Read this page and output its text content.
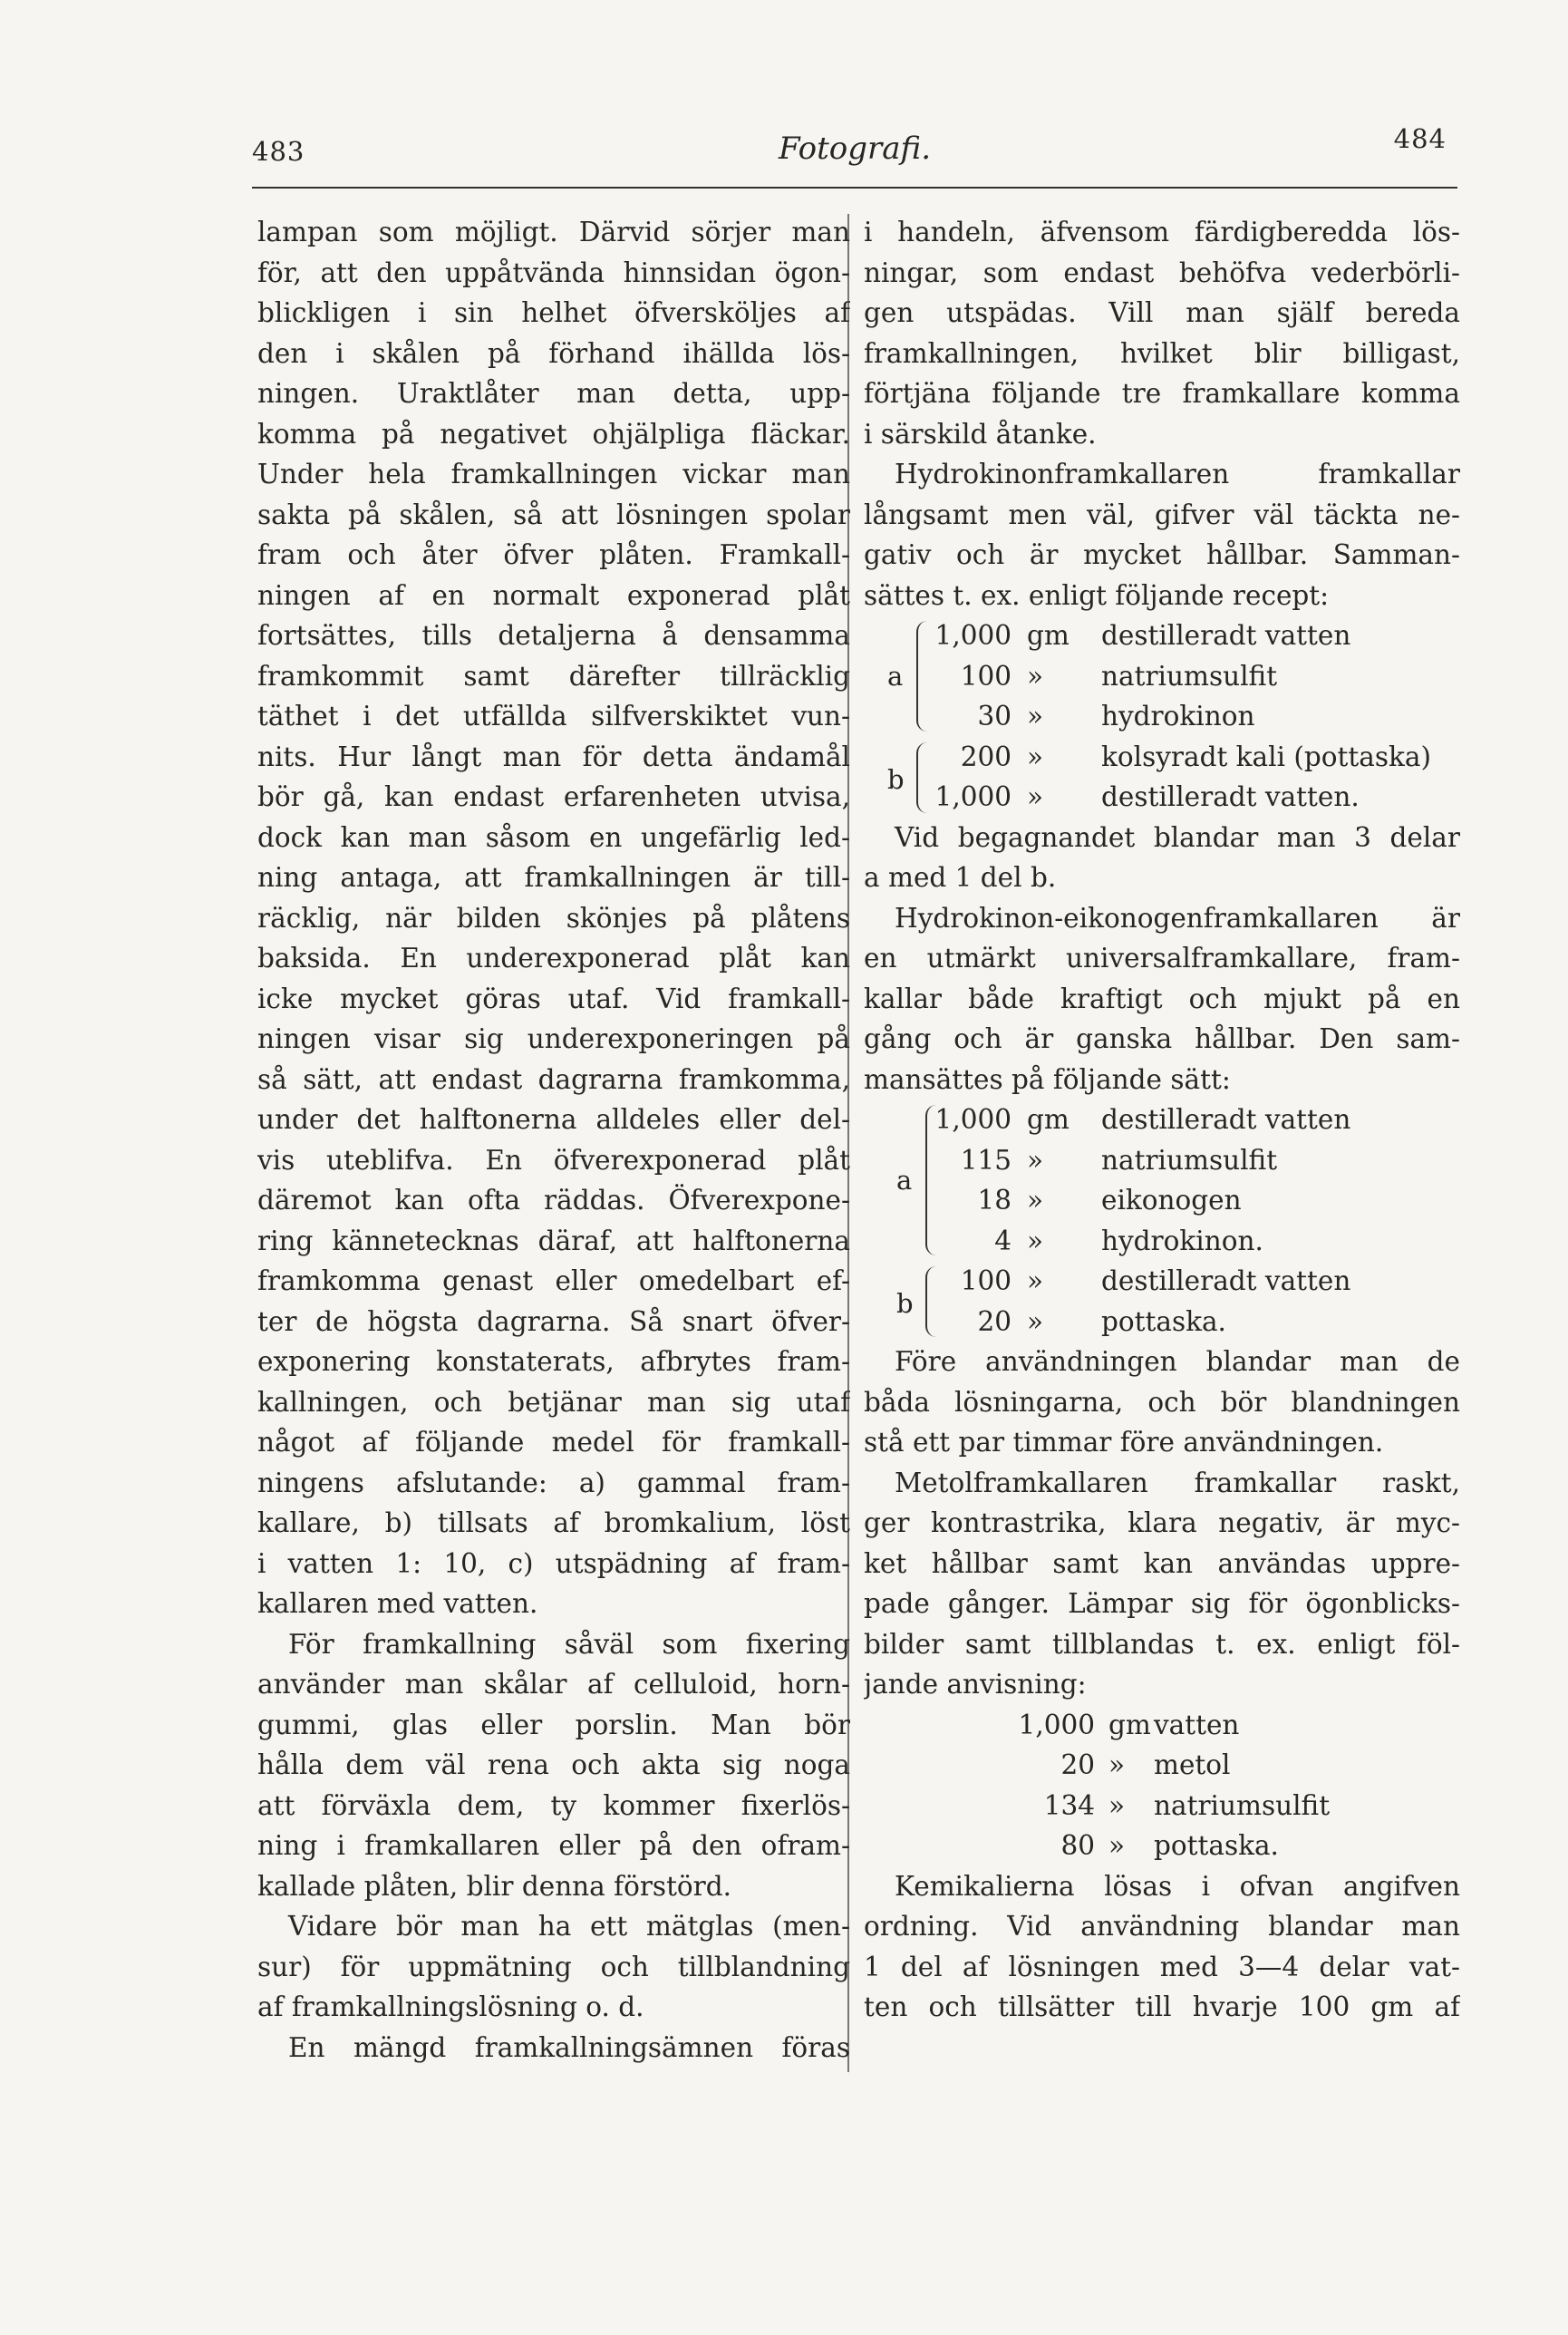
483	Fotografi.	484
lampan som möjligt. Därvid sörjer man
för, att den uppåtvända hinnsidan ögon-
blickligen i sin helhet öfversköljes af
den i skålen på förhand ihällda lös-
ningen. Uraktlåter man detta, upp-
komma på negativet ohjälpliga fläckar.
Under hela framkallningen vickar man
sakta på skålen, så att lösningen spolar
fram och åter öfver plåten. Framkall-
ningen af en normalt exponerad plåt
fortsättes, tills detaljerna å densamma
framkommit samt därefter tillräcklig
täthet i det utfällda silfverskiktet vun-
nits. Hur långt man för detta ändamål
bör gå, kan endast erfarenheten utvisa,
dock kan man såsom en ungefärlig led-
ning antaga, att framkallningen är till-
räcklig, när bilden skönjes på plåtens
baksida. En underexponerad plåt kan
icke mycket göras utaf. Vid framkall-
ningen visar sig underexponeringen på
så sätt, att endast dagrarna framkomma,
under det halftonerna alldeles eller del-
vis uteblifva. En öfverexponerad plåt
däremot kan ofta räddas. Öfverexpone-
ring kännetecknas däraf, att halftonerna
framkomma genast eller omedelbart ef-
ter de högsta dagrarna. Så snart öfver-
exponering konstaterats, afbrytes fram-
kallningen, och betjänar man sig utaf
något af följande medel för framkall-
ningens afslutande: a) gammal fram-
kallare, b) tillsats af bromkalium, löst
i vatten 1: 10, c) utspädning af fram-
kallaren med vatten.
För framkallning såväl som fixering
använder man skålar af celluloid, horn-
gummi, glas eller porslin. Man bör
hålla dem väl rena och akta sig noga
att förväxla dem, ty kommer fixerlös-
ning i framkallaren eller på den ofram-
kallade plåten, blir denna förstörd.
Vidare bör man ha ett mätglas (men-
sur) för uppmätning och tillblandning
af framkallningslösning o. d.
En mängd framkallningsämnen föras
i handeln, äfvensom färdigberedda lös-
ningar, som endast behöfva vederbörli-
gen utspädas. Vill man själf bereda
framkallningen, hvilket blir billigast,
förtjäna följande tre framkallare komma
i särskild åtanke.
Hydrokinonframkallaren framkallar
långsamt men väl, gifver väl täckta ne-
gativ och är mycket hållbar. Samman-
sättes t. ex. enligt följande recept:
a
b
1,000 gm destilleradt vatten
100 » natriumsulfit
30 » hydrokinon
200 » kolsyradt kali (pottaska)
1,000 » destilleradt vatten.
Vid begagnandet blandar man 3 delar
a med 1 del b.
Hydrokinon-eikonogenframkallaren är
en utmärkt universalframkallare, fram-
kallar både kraftigt och mjukt på en
gång och är ganska hållbar. Den sam-
mansättes på följande sätt:
a
b
1,000 gm destilleradt vatten
115 » natriumsulfit
18 » eikonogen
4 » hydrokinon.
100 » destilleradt vatten
20 » pottaska.
Före användningen blandar man de
båda lösningarna, och bör blandningen
stå ett par timmar före användningen.
Metolframkallaren framkallar raskt,
ger kontrastrika, klara negativ, är myc-
ket hållbar samt kan användas uppre-
pade gånger. Lämpar sig för ögonblicks-
bilder samt tillblandas t. ex. enligt föl-
jande anvisning:
1,000 gm vatten
20 » metol
134 » natriumsulfit
80 » pottaska.
Kemikalierna lösas i ofvan angifven
ordning. Vid användning blandar man
1 del af lösningen med 3—4 delar vat-
ten och tillsätter till hvarje 100 gm af
